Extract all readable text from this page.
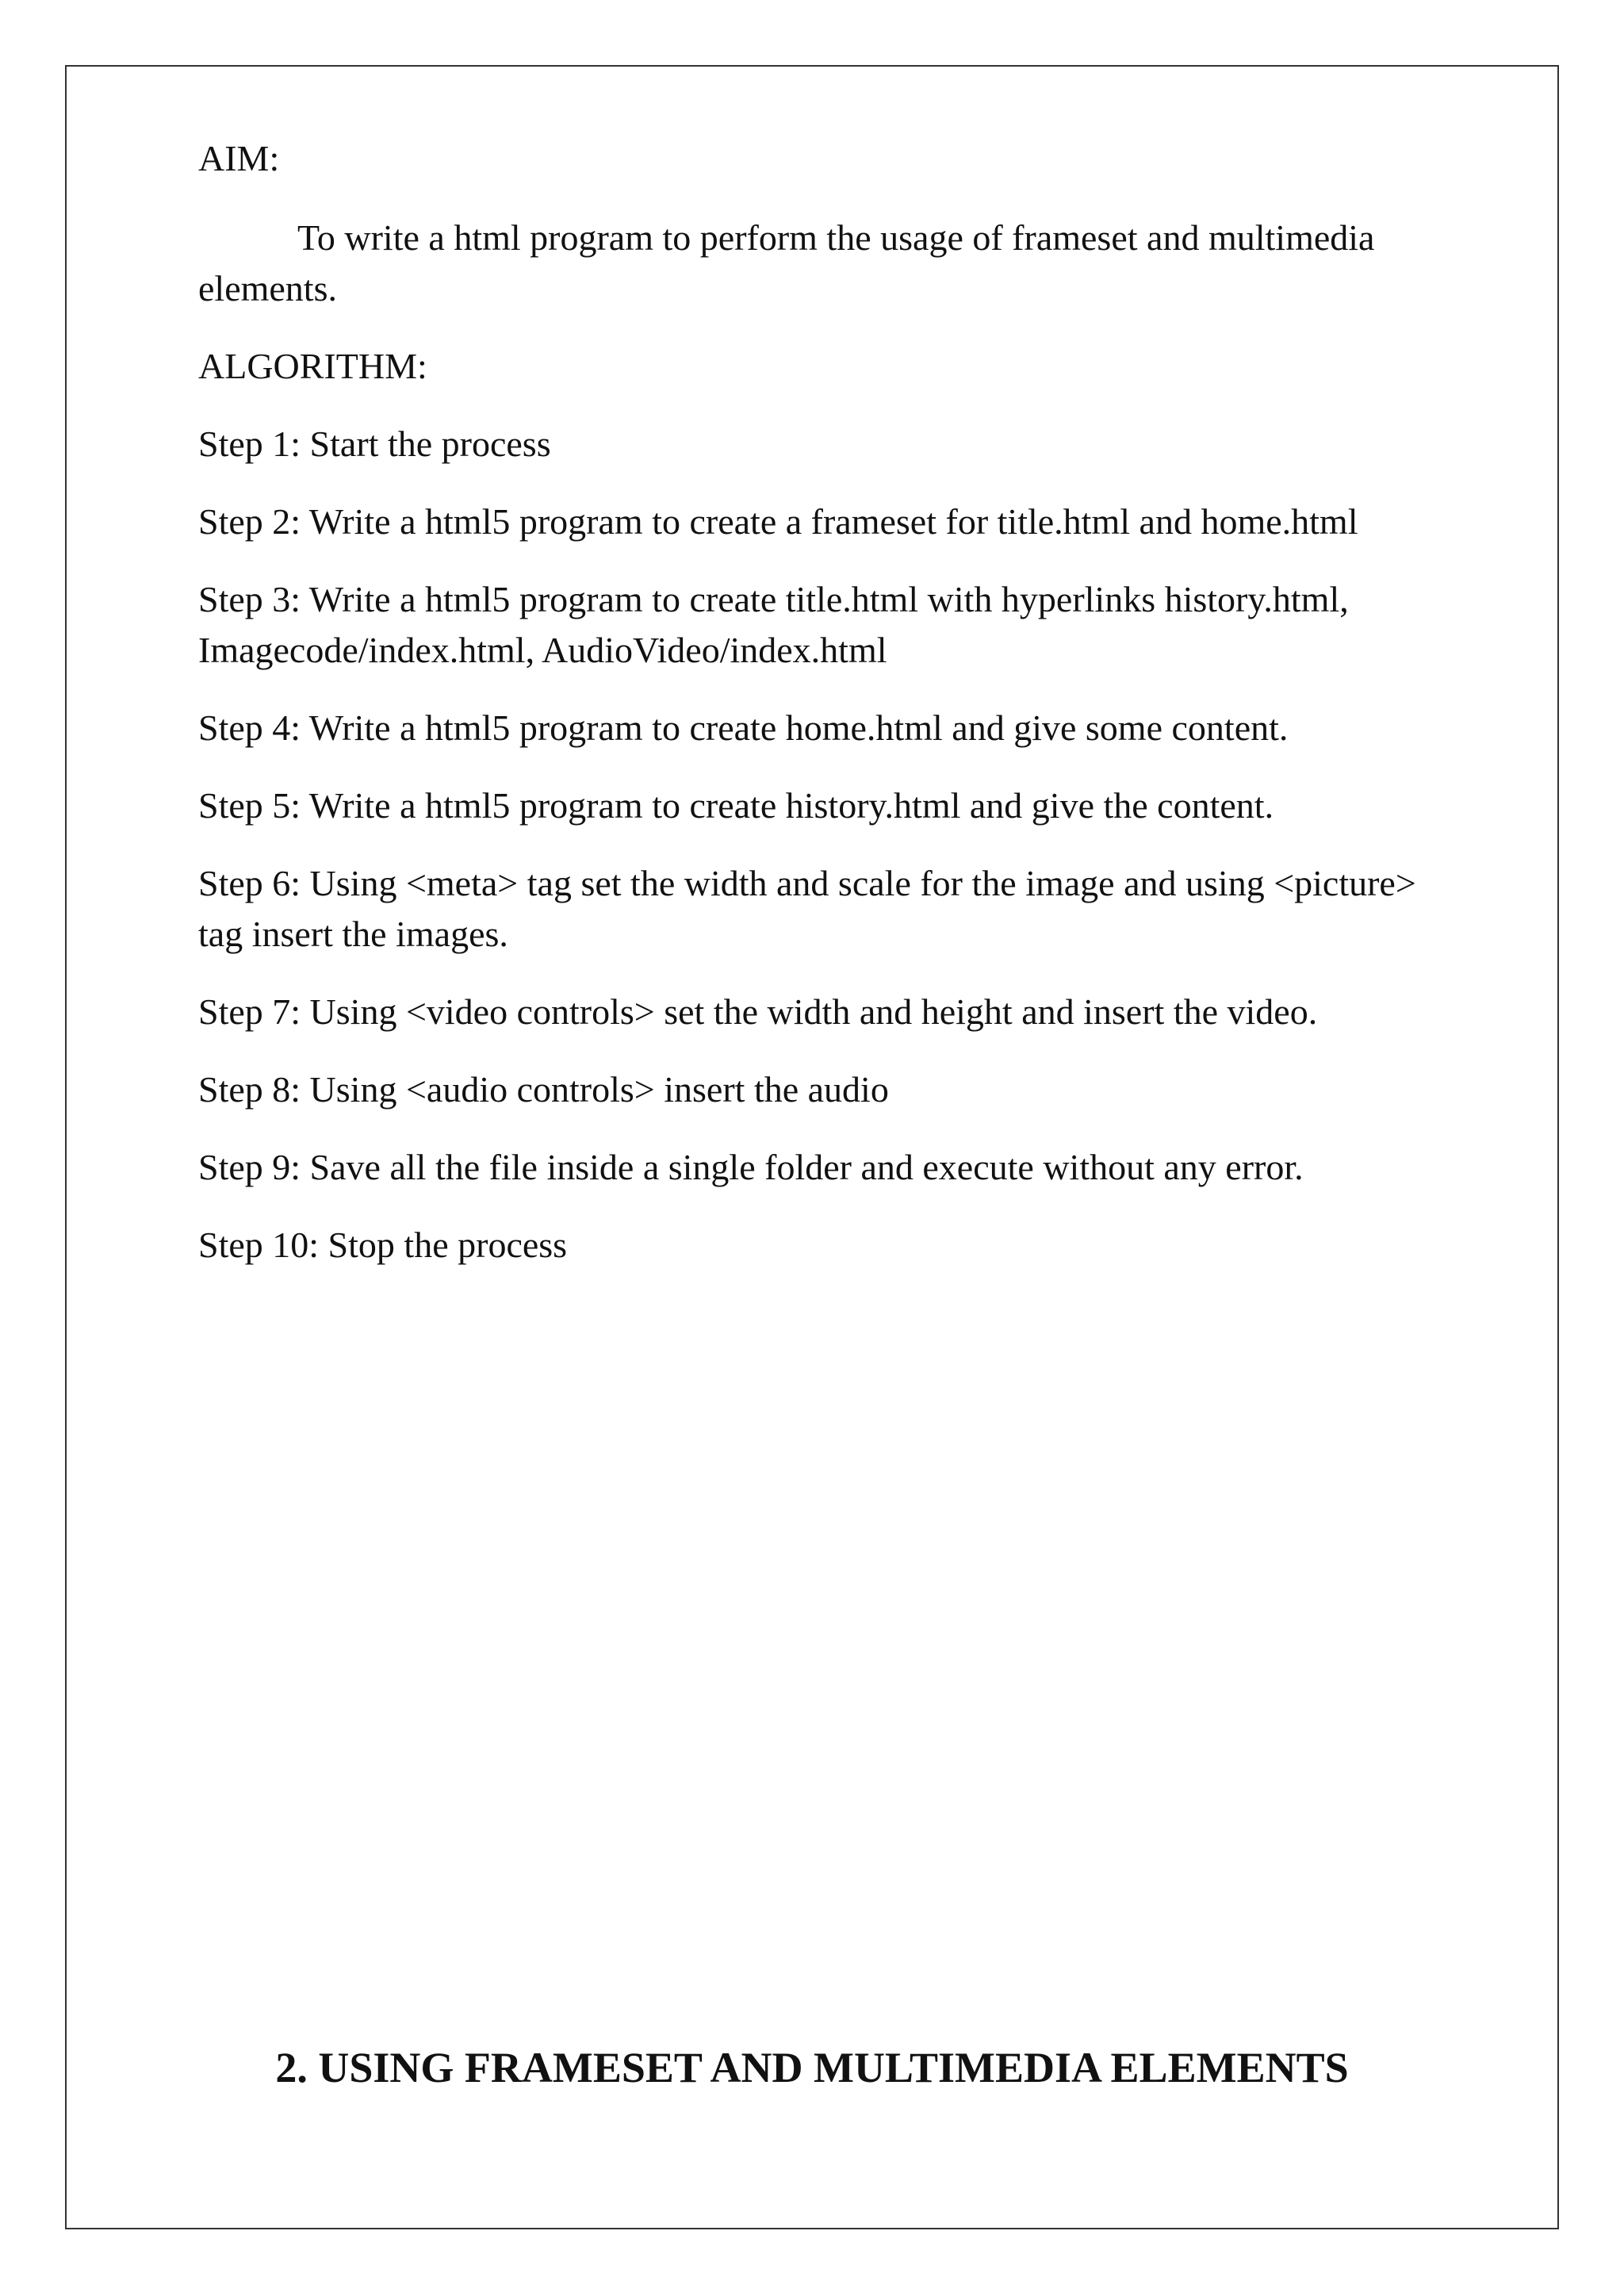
AIM:

To write a html program to perform the usage of frameset and multimedia elements.

ALGORITHM:

Step 1: Start the process
Step 2: Write a html5 program to create a frameset for title.html and home.html
Step 3: Write a html5 program to create title.html with hyperlinks history.html, Imagecode/index.html, AudioVideo/index.html
Step 4: Write a html5 program to create home.html and give some content.
Step 5: Write a html5 program to create history.html and give the content.
Step 6: Using <meta> tag set the width and scale for the image and using <picture> tag insert the images.
Step 7: Using <video controls> set the width and height and insert the video.
Step 8: Using <audio controls> insert the audio
Step 9: Save all the file inside a single folder and execute without any error.
Step 10: Stop the process
2. USING FRAMESET AND MULTIMEDIA ELEMENTS
